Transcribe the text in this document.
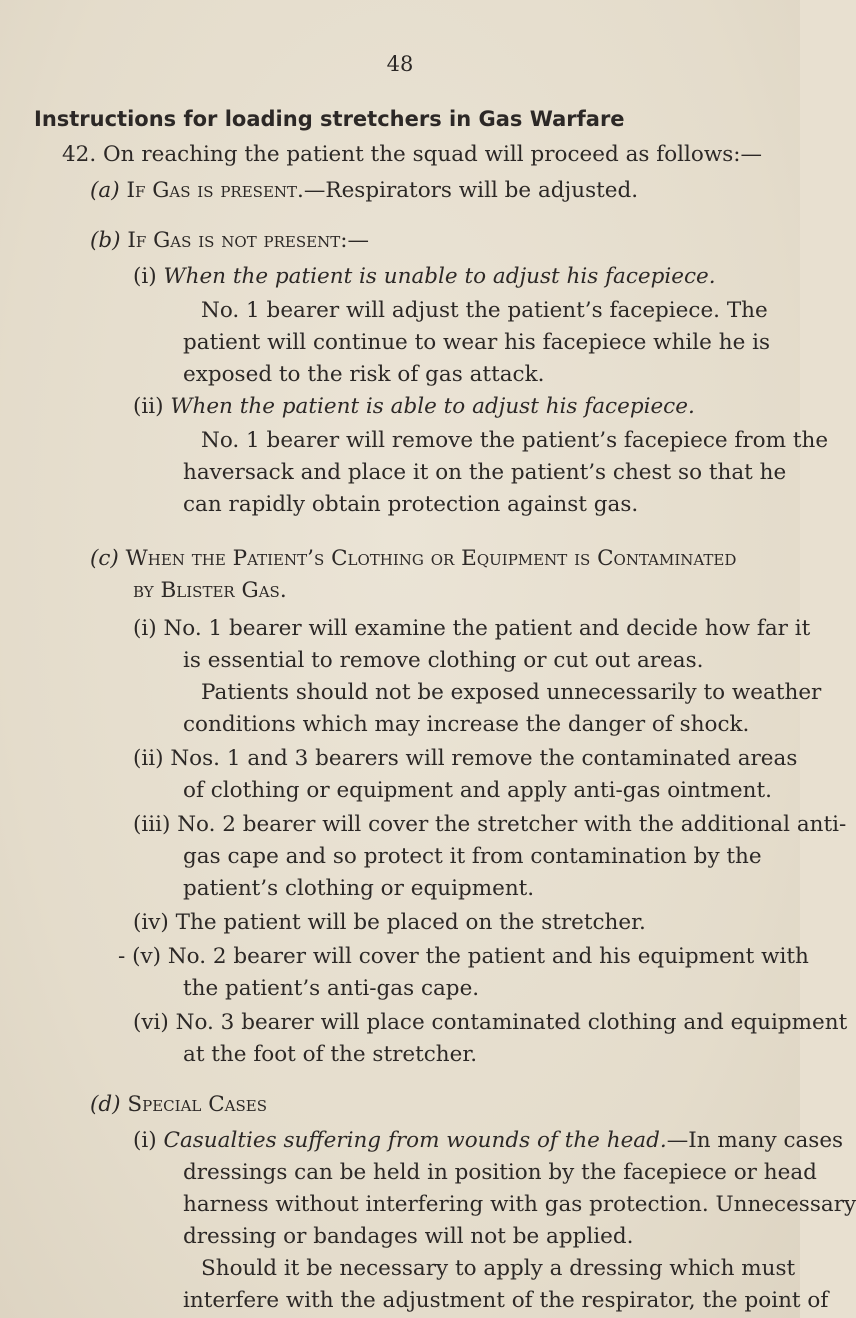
48
Instructions for loading stretchers in Gas Warfare
42. On reaching the patient the squad will proceed as follows:—
(a) If Gas is present.—Respirators will be adjusted.
(b) If Gas is not present:—
(i) When the patient is unable to adjust his facepiece.
No. 1 bearer will adjust the patient’s facepiece. The
patient will continue to wear his facepiece while he is
exposed to the risk of gas attack.
(ii) When the patient is able to adjust his facepiece.
No. 1 bearer will remove the patient’s facepiece from the
haversack and place it on the patient’s chest so that he
can rapidly obtain protection against gas.
(c) When the Patient’s Clothing or Equipment is Contaminated
by Blister Gas.
(i) No. 1 bearer will examine the patient and decide how far it
is essential to remove clothing or cut out areas.
Patients should not be exposed unnecessarily to weather
conditions which may increase the danger of shock.
(ii) Nos. 1 and 3 bearers will remove the contaminated areas
of clothing or equipment and apply anti-gas ointment.
(iii) No. 2 bearer will cover the stretcher with the additional anti-
gas cape and so protect it from contamination by the
patient’s clothing or equipment.
(iv) The patient will be placed on the stretcher.
- (v) No. 2 bearer will cover the patient and his equipment with
the patient’s anti-gas cape.
(vi) No. 3 bearer will place contaminated clothing and equipment
at the foot of the stretcher.
(d) Special Cases
(i) Casualties suffering from wounds of the head.—In many cases
dressings can be held in position by the facepiece or head
harness without interfering with gas protection. Unnecessary
dressing or bandages will not be applied.
Should it be necessary to apply a dressing which must
interfere with the adjustment of the respirator, the point of
